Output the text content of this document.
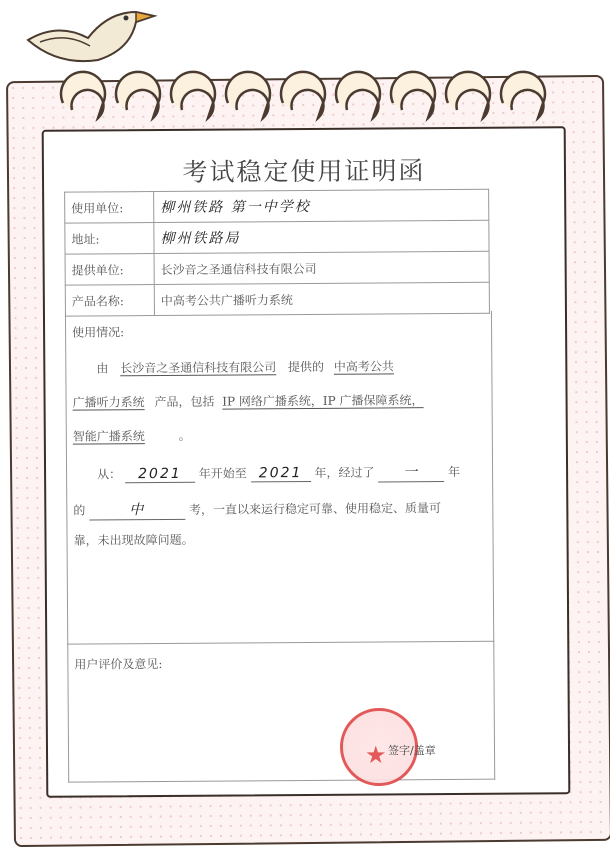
考试稳定使用证明函
使用单位:	柳州铁路 第一中学校
地址:	柳州铁路局
提供单位:	长沙音之圣通信科技有限公司
产品名称:	中高考公共广播听力系统
使用情况:
由 长沙音之圣通信科技有限公司 提供的 中高考公共
广播听力系统 产品，包括 IP 网络广播系统，IP 广播保障系统，
智能广播系统	。
从： 2021 年开始至 2021 年，经过了 一 年
的	中	考，一直以来运行稳定可靠、使用稳定、质量可
靠，未出现故障问题。
用户评价及意见:
★ 签字/盖章
